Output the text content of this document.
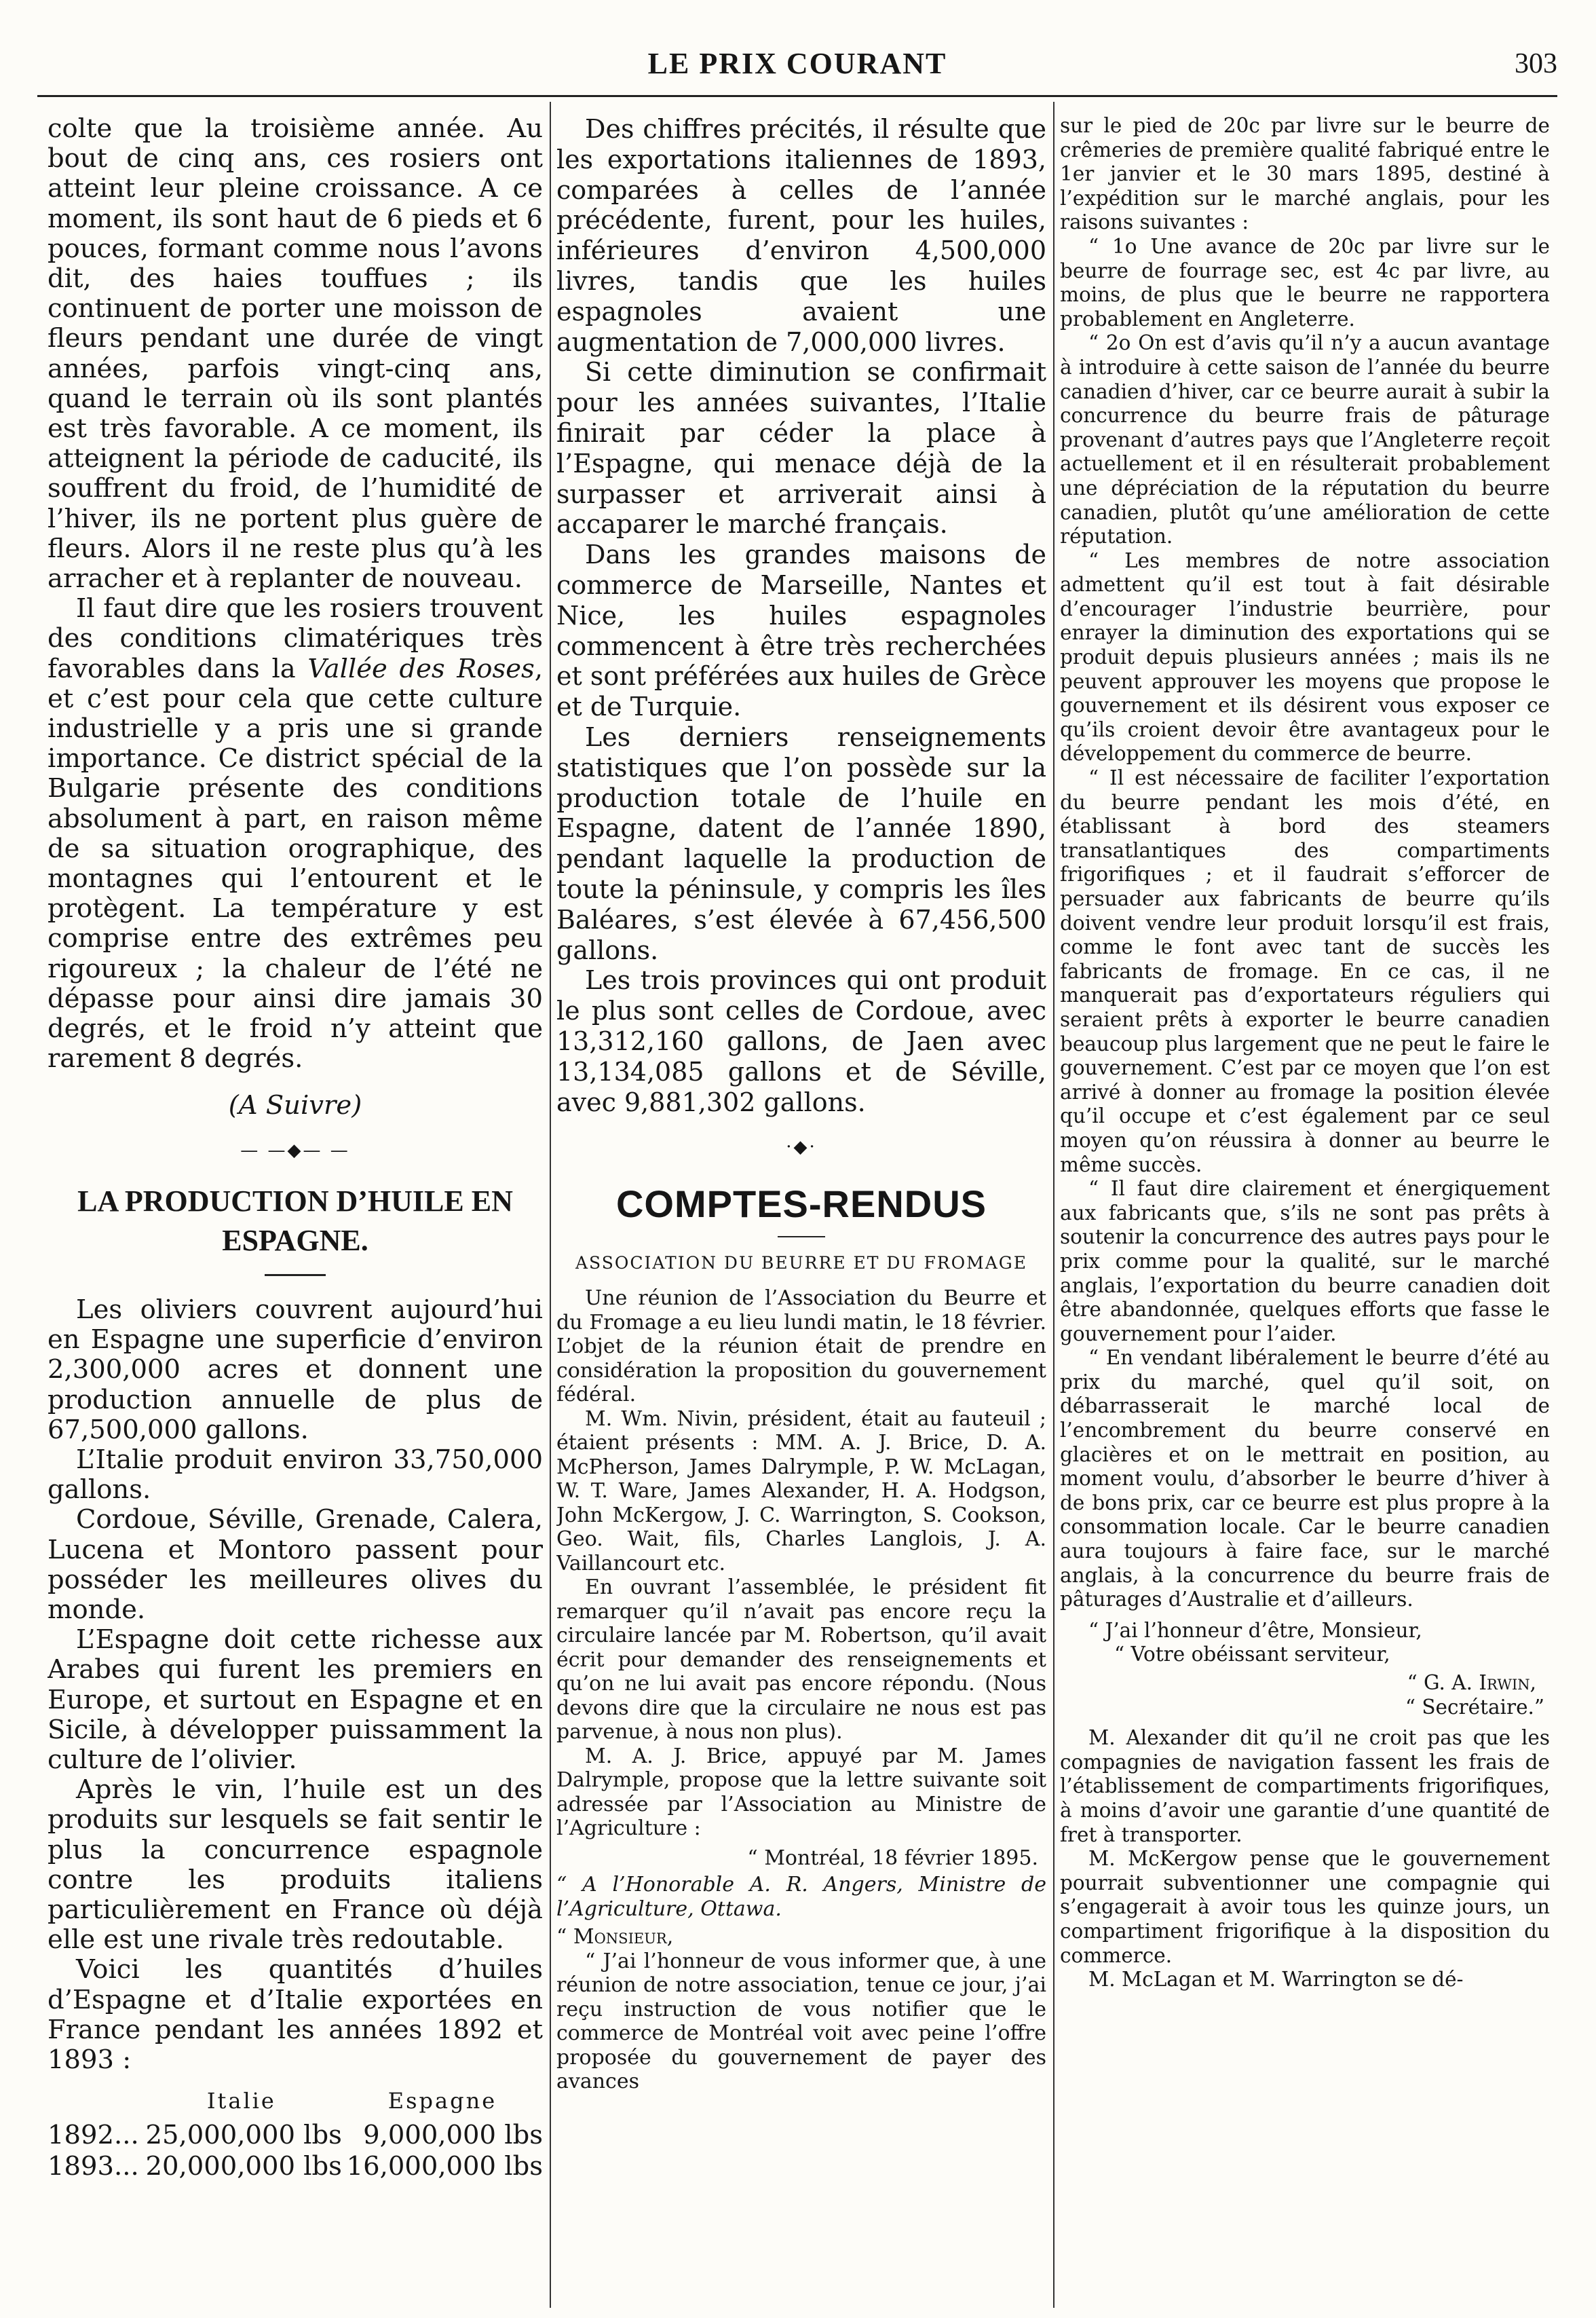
LE PRIX COURANT	303

colte que la troisième année. Au bout de cinq ans, ces rosiers ont atteint leur pleine croissance. A ce moment, ils sont haut de 6 pieds et 6 pouces, formant comme nous l’avons dit, des haies touffues ; ils continuent de porter une moisson de fleurs pendant une durée de vingt années, parfois vingt-cinq ans, quand le terrain où ils sont plantés est très favorable. A ce moment, ils atteignent la période de caducité, ils souffrent du froid, de l’humidité de l’hiver, ils ne portent plus guère de fleurs. Alors il ne reste plus qu’à les arracher et à replanter de nouveau.

Il faut dire que les rosiers trouvent des conditions climatériques très favorables dans la Vallée des Roses, et c’est pour cela que cette culture industrielle y a pris une si grande importance. Ce district spécial de la Bulgarie présente des conditions absolument à part, en raison même de sa situation orographique, des montagnes qui l’entourent et le protègent. La température y est comprise entre des extrêmes peu rigoureux ; la chaleur de l’été ne dépasse pour ainsi dire jamais 30 degrés, et le froid n’y atteint que rarement 8 degrés.

(A Suivre)
— —◆— —
LA PRODUCTION D’HUILE EN ESPAGNE.

Les oliviers couvrent aujourd’hui en Espagne une superficie d’environ 2,300,000 acres et donnent une production annuelle de plus de 67,500,000 gallons.

L’Italie produit environ 33,750,000 gallons.

Cordoue, Séville, Grenade, Calera, Lucena et Montoro passent pour posséder les meilleures olives du monde.

L’Espagne doit cette richesse aux Arabes qui furent les premiers en Europe, et surtout en Espagne et en Sicile, à développer puissamment la culture de l’olivier.

Après le vin, l’huile est un des produits sur lesquels se fait sentir le plus la concurrence espagnole contre les produits italiens particulièrement en France où déjà elle est une rivale très redoutable.

Voici les quantités d’huiles d’Espagne et d’Italie exportées en France pendant les années 1892 et 1893 :

	Italie	Espagne
1892...	25,000,000 lbs	9,000,000 lbs
1893...	20,000,000 lbs	16,000,000 lbs

Des chiffres précités, il résulte que les exportations italiennes de 1893, comparées à celles de l’année précédente, furent, pour les huiles, inférieures d’environ 4,500,000 livres, tandis que les huiles espagnoles avaient une augmentation de 7,000,000 livres.

Si cette diminution se confirmait pour les années suivantes, l’Italie finirait par céder la place à l’Espagne, qui menace déjà de la surpasser et arriverait ainsi à accaparer le marché français.

Dans les grandes maisons de commerce de Marseille, Nantes et Nice, les huiles espagnoles commencent à être très recherchées et sont préférées aux huiles de Grèce et de Turquie.

Les derniers renseignements statistiques que l’on possède sur la production totale de l’huile en Espagne, datent de l’année 1890, pendant laquelle la production de toute la péninsule, y compris les îles Baléares, s’est élevée à 67,456,500 gallons.

Les trois provinces qui ont produit le plus sont celles de Cordoue, avec 13,312,160 gallons, de Jaen avec 13,134,085 gallons et de Séville, avec 9,881,302 gallons.

·◆·
COMPTES-RENDUS
ASSOCIATION DU BEURRE ET DU FROMAGE

Une réunion de l’Association du Beurre et du Fromage a eu lieu lundi matin, le 18 février. L’objet de la réunion était de prendre en considération la proposition du gouvernement fédéral.

M. Wm. Nivin, président, était au fauteuil ; étaient présents : MM. A. J. Brice, D. A. McPherson, James Dalrymple, P. W. McLagan, W. T. Ware, James Alexander, H. A. Hodgson, John McKergow, J. C. Warrington, S. Cookson, Geo. Wait, fils, Charles Langlois, J. A. Vaillancourt etc.

En ouvrant l’assemblée, le président fit remarquer qu’il n’avait pas encore reçu la circulaire lancée par M. Robertson, qu’il avait écrit pour demander des renseignements et qu’on ne lui avait pas encore répondu. (Nous devons dire que la circulaire ne nous est pas parvenue, à nous non plus).

M. A. J. Brice, appuyé par M. James Dalrymple, propose que la lettre suivante soit adressée par l’Association au Ministre de l’Agriculture :

“ Montréal, 18 février 1895.

“ A l’Honorable A. R. Angers, Ministre de l’Agriculture, Ottawa.

“ Monsieur,

“ J’ai l’honneur de vous informer que, à une réunion de notre association, tenue ce jour, j’ai reçu instruction de vous notifier que le commerce de Montréal voit avec peine l’offre proposée du gouvernement de payer des avances

sur le pied de 20c par livre sur le beurre de crêmeries de première qualité fabriqué entre le 1er janvier et le 30 mars 1895, destiné à l’expédition sur le marché anglais, pour les raisons suivantes :

“ 1o Une avance de 20c par livre sur le beurre de fourrage sec, est 4c par livre, au moins, de plus que le beurre ne rapportera probablement en Angleterre.

“ 2o On est d’avis qu’il n’y a aucun avantage à introduire à cette saison de l’année du beurre canadien d’hiver, car ce beurre aurait à subir la concurrence du beurre frais de pâturage provenant d’autres pays que l’Angleterre reçoit actuellement et il en résulterait probablement une dépréciation de la réputation du beurre canadien, plutôt qu’une amélioration de cette réputation.

“ Les membres de notre association admettent qu’il est tout à fait désirable d’encourager l’industrie beurrière, pour enrayer la diminution des exportations qui se produit depuis plusieurs années ; mais ils ne peuvent approuver les moyens que propose le gouvernement et ils désirent vous exposer ce qu’ils croient devoir être avantageux pour le développement du commerce de beurre.

“ Il est nécessaire de faciliter l’exportation du beurre pendant les mois d’été, en établissant à bord des steamers transatlantiques des compartiments frigorifiques ; et il faudrait s’efforcer de persuader aux fabricants de beurre qu’ils doivent vendre leur produit lorsqu’il est frais, comme le font avec tant de succès les fabricants de fromage. En ce cas, il ne manquerait pas d’exportateurs réguliers qui seraient prêts à exporter le beurre canadien beaucoup plus largement que ne peut le faire le gouvernement. C’est par ce moyen que l’on est arrivé à donner au fromage la position élevée qu’il occupe et c’est également par ce seul moyen qu’on réussira à donner au beurre le même succès.

“ Il faut dire clairement et énergiquement aux fabricants que, s’ils ne sont pas prêts à soutenir la concurrence des autres pays pour le prix comme pour la qualité, sur le marché anglais, l’exportation du beurre canadien doit être abandonnée, quelques efforts que fasse le gouvernement pour l’aider.

“ En vendant libéralement le beurre d’été au prix du marché, quel qu’il soit, on débarrasserait le marché local de l’encombrement du beurre conservé en glacières et on le mettrait en position, au moment voulu, d’absorber le beurre d’hiver à de bons prix, car ce beurre est plus propre à la consommation locale. Car le beurre canadien aura toujours à faire face, sur le marché anglais, à la concurrence du beurre frais de pâturages d’Australie et d’ailleurs.

“ J’ai l’honneur d’être, Monsieur,

“ Votre obéissant serviteur,

“ G. A. Irwin,

“ Secrétaire.”

M. Alexander dit qu’il ne croit pas que les compagnies de navigation fassent les frais de l’établissement de compartiments frigorifiques, à moins d’avoir une garantie d’une quantité de fret à transporter.

M. McKergow pense que le gouvernement pourrait subventionner une compagnie qui s’engagerait à avoir tous les quinze jours, un compartiment frigorifique à la disposition du commerce.

M. McLagan et M. Warrington se dé-
